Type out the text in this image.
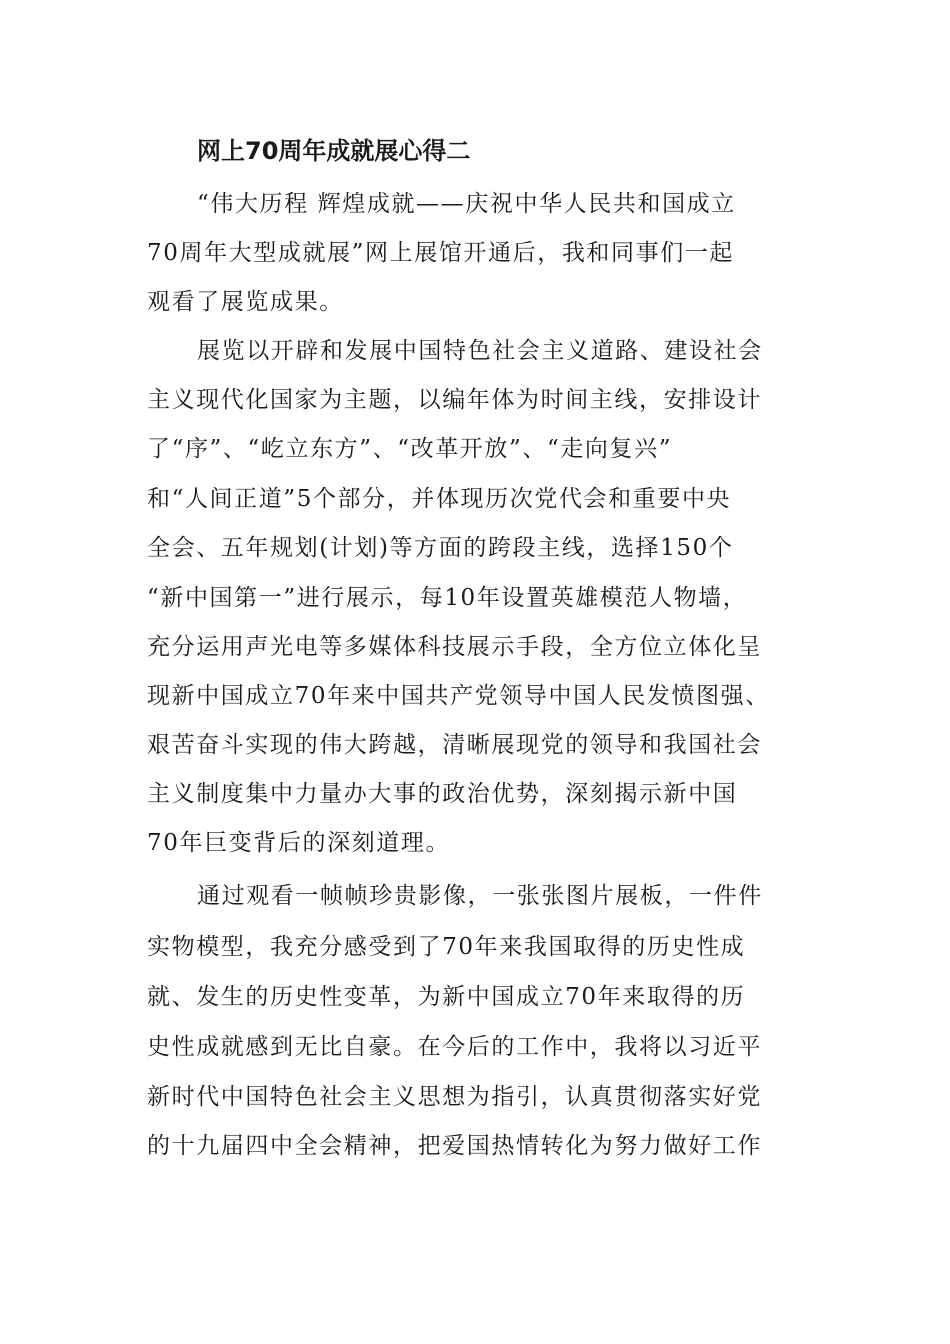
网上70周年成就展心得二
“伟大历程 辉煌成就——庆祝中华人民共和国成立
70周年大型成就展”网上展馆开通后，我和同事们一起
观看了展览成果。
展览以开辟和发展中国特色社会主义道路、建设社会
主义现代化国家为主题，以编年体为时间主线，安排设计
了“序”、“屹立东方”、“改革开放”、“走向复兴”
和“人间正道”5个部分，并体现历次党代会和重要中央
全会、五年规划(计划)等方面的跨段主线，选择150个
“新中国第一”进行展示，每10年设置英雄模范人物墙，
充分运用声光电等多媒体科技展示手段，全方位立体化呈
现新中国成立70年来中国共产党领导中国人民发愤图强、
艰苦奋斗实现的伟大跨越，清晰展现党的领导和我国社会
主义制度集中力量办大事的政治优势，深刻揭示新中国
70年巨变背后的深刻道理。
通过观看一帧帧珍贵影像，一张张图片展板，一件件
实物模型，我充分感受到了70年来我国取得的历史性成
就、发生的历史性变革，为新中国成立70年来取得的历
史性成就感到无比自豪。在今后的工作中，我将以习近平
新时代中国特色社会主义思想为指引，认真贯彻落实好党
的十九届四中全会精神，把爱国热情转化为努力做好工作
